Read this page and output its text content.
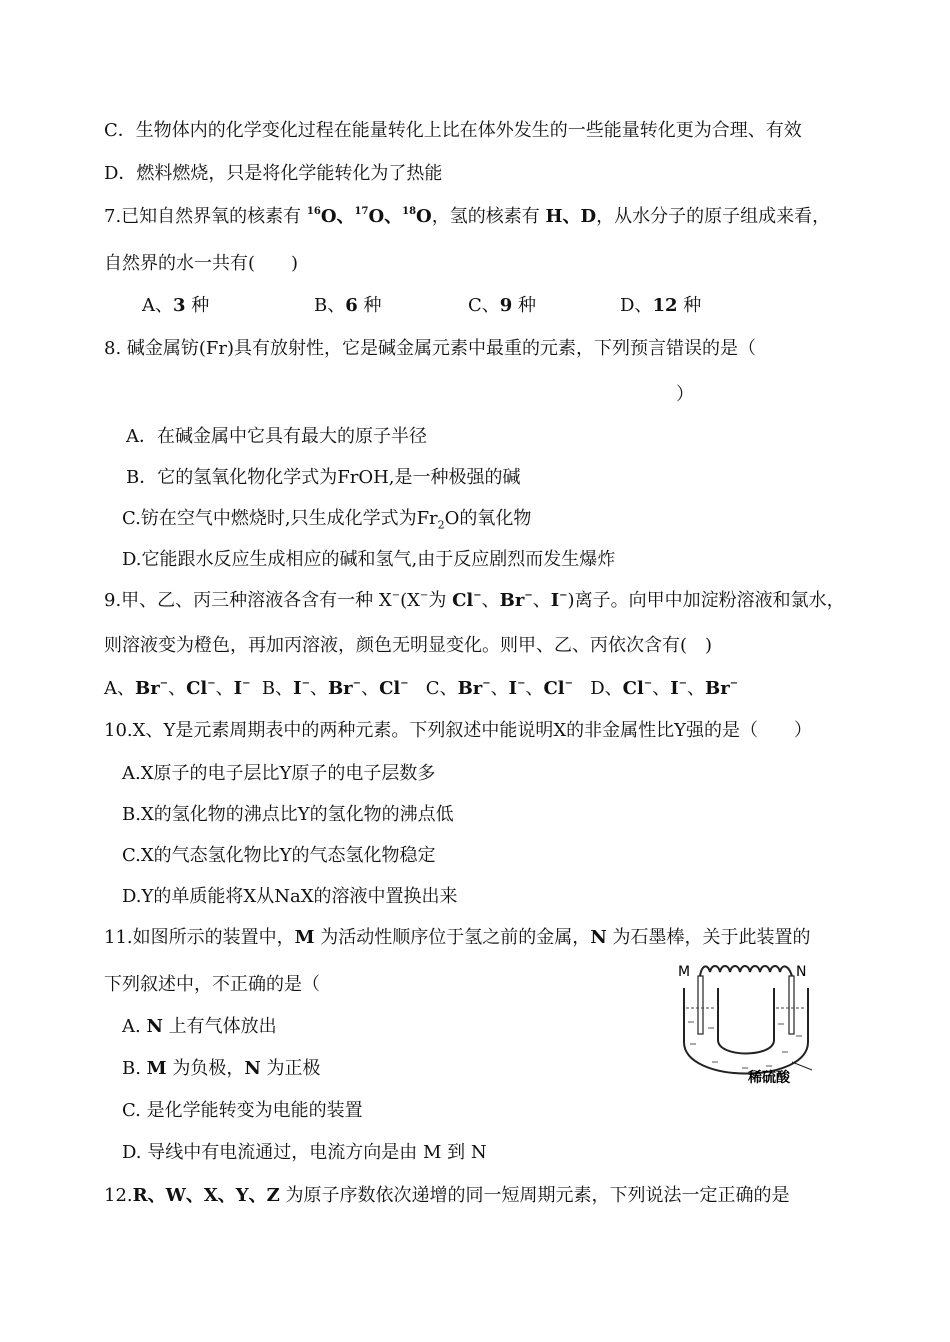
C．生物体内的化学变化过程在能量转化上比在体外发生的一些能量转化更为合理、有效

D．燃料燃烧，只是将化学能转化为了热能

7.已知自然界氧的核素有 $^{16}$O、$^{17}$O、$^{18}$O，氢的核素有 H、D，从水分子的原子组成来看，

自然界的水一共有(　　)

A、3 种	B、6 种	C、9 种	D、12 种

8. 碱金属钫(Fr)具有放射性，它是碱金属元素中最重的元素，下列预言错误的是（

）

A．在碱金属中它具有最大的原子半径

B．它的氢氧化物化学式为FrOH,是一种极强的碱

C.钫在空气中燃烧时,只生成化学式为$Fr_2O$的氧化物

D.它能跟水反应生成相应的碱和氢气,由于反应剧烈而发生爆炸

9.甲、乙、丙三种溶液各含有一种 X−(X−为 Cl−、Br−、I−)离子。向甲中加淀粉溶液和氯水，

则溶液变为橙色，再加丙溶液，颜色无明显变化。则甲、乙、丙依次含有(　)

A、Br−、Cl−、I− B、I−、Br−、Cl− C、Br−、I−、Cl− D、Cl−、I−、Br−

10.X、Y是元素周期表中的两种元素。下列叙述中能说明X的非金属性比Y强的是（　　）

A.X原子的电子层比Y原子的电子层数多

B.X的氢化物的沸点比Y的氢化物的沸点低

C.X的气态氢化物比Y的气态氢化物稳定

D.Y的单质能将X从NaX的溶液中置换出来

11.如图所示的装置中，M 为活动性顺序位于氢之前的金属，N 为石墨棒，关于此装置的

下列叙述中，不正确的是（

A. N 上有气体放出

B. M 为负极，N 为正极

C. 是化学能转变为电能的装置

D. 导线中有电流通过，电流方向是由 M 到 N

M	N
稀硫酸

12.R、W、X、Y、Z 为原子序数依次递增的同一短周期元素，下列说法一定正确的是
